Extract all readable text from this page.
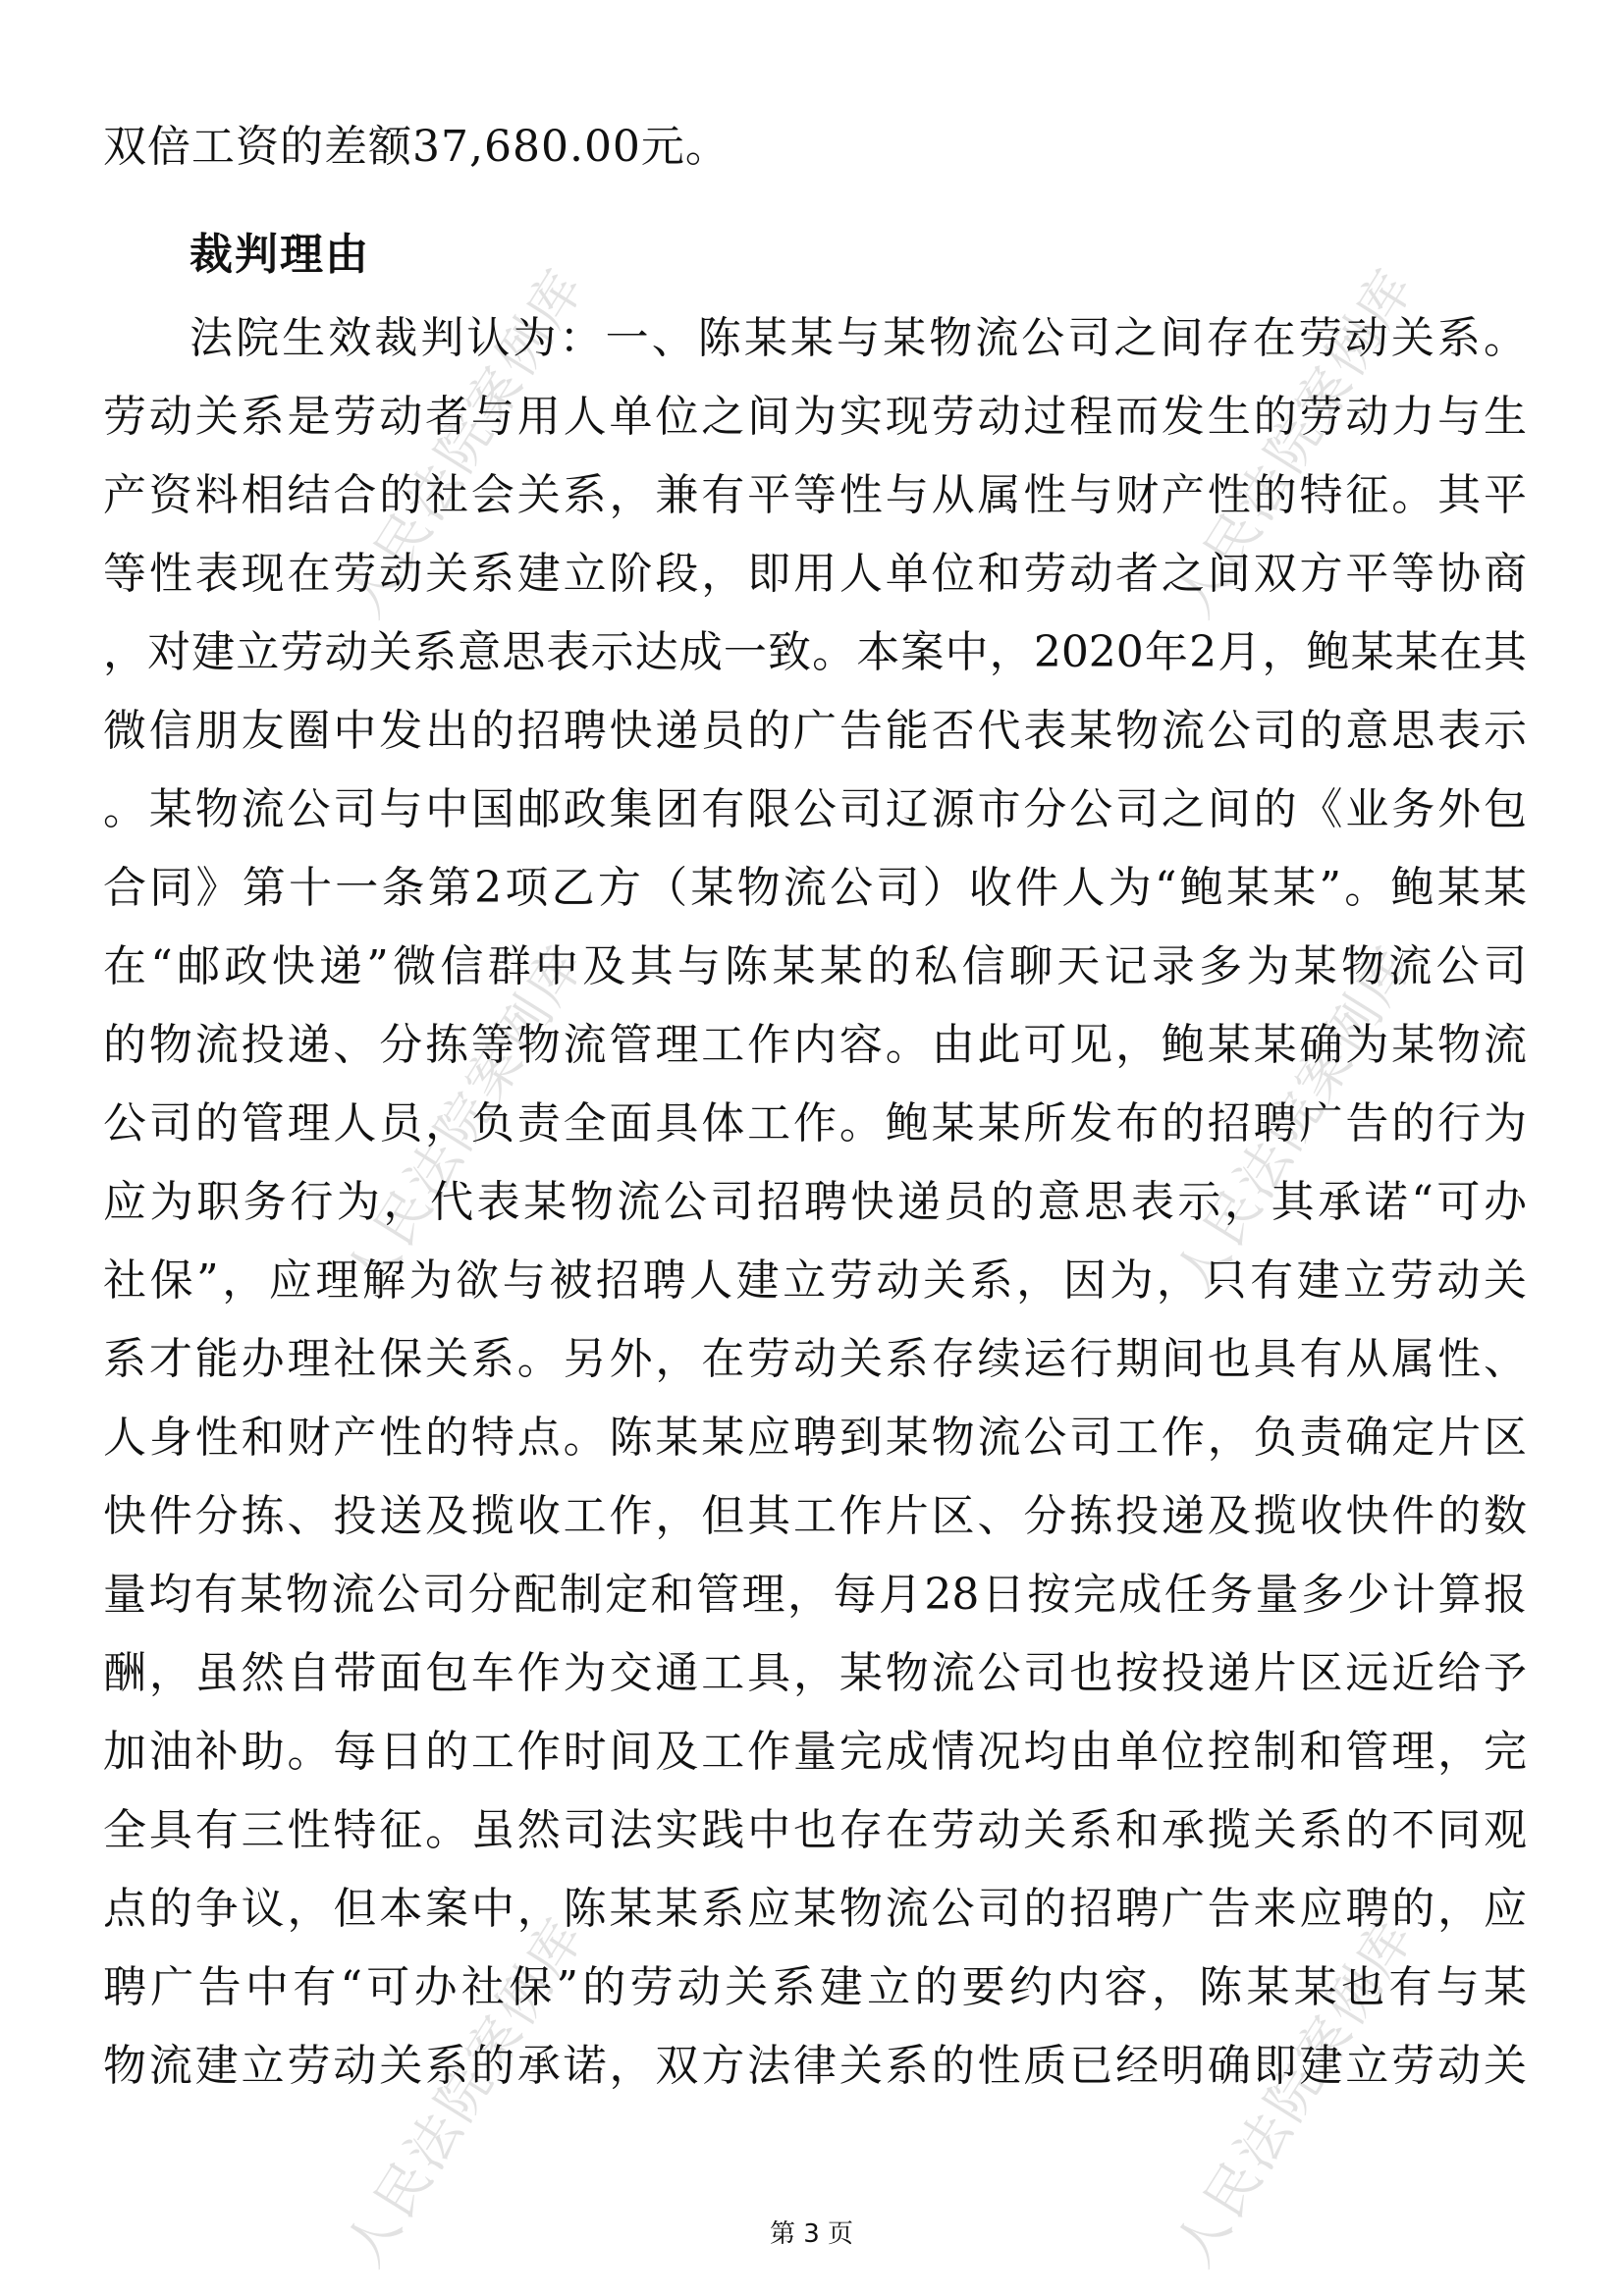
人民法院案例库	人民法院案例库
人民法院案例库	人民法院案例库
人民法院案例库	人民法院案例库
双倍工资的差额37,680.00元。
裁判理由
法院生效裁判认为：一、陈某某与某物流公司之间存在劳动关系。
劳动关系是劳动者与用人单位之间为实现劳动过程而发生的劳动力与生
产资料相结合的社会关系，兼有平等性与从属性与财产性的特征。其平
等性表现在劳动关系建立阶段，即用人单位和劳动者之间双方平等协商
，对建立劳动关系意思表示达成一致。本案中，2020年2月，鲍某某在其
微信朋友圈中发出的招聘快递员的广告能否代表某物流公司的意思表示
。某物流公司与中国邮政集团有限公司辽源市分公司之间的《业务外包
合同》第十一条第2项乙方（某物流公司）收件人为“鲍某某”。鲍某某
在“邮政快递”微信群中及其与陈某某的私信聊天记录多为某物流公司
的物流投递、分拣等物流管理工作内容。由此可见，鲍某某确为某物流
公司的管理人员，负责全面具体工作。鲍某某所发布的招聘广告的行为
应为职务行为，代表某物流公司招聘快递员的意思表示，其承诺“可办
社保”，应理解为欲与被招聘人建立劳动关系，因为，只有建立劳动关
系才能办理社保关系。另外，在劳动关系存续运行期间也具有从属性、
人身性和财产性的特点。陈某某应聘到某物流公司工作，负责确定片区
快件分拣、投送及揽收工作，但其工作片区、分拣投递及揽收快件的数
量均有某物流公司分配制定和管理，每月28日按完成任务量多少计算报
酬，虽然自带面包车作为交通工具，某物流公司也按投递片区远近给予
加油补助。每日的工作时间及工作量完成情况均由单位控制和管理，完
全具有三性特征。虽然司法实践中也存在劳动关系和承揽关系的不同观
点的争议，但本案中，陈某某系应某物流公司的招聘广告来应聘的，应
聘广告中有“可办社保”的劳动关系建立的要约内容，陈某某也有与某
物流建立劳动关系的承诺，双方法律关系的性质已经明确即建立劳动关
第 3 页
